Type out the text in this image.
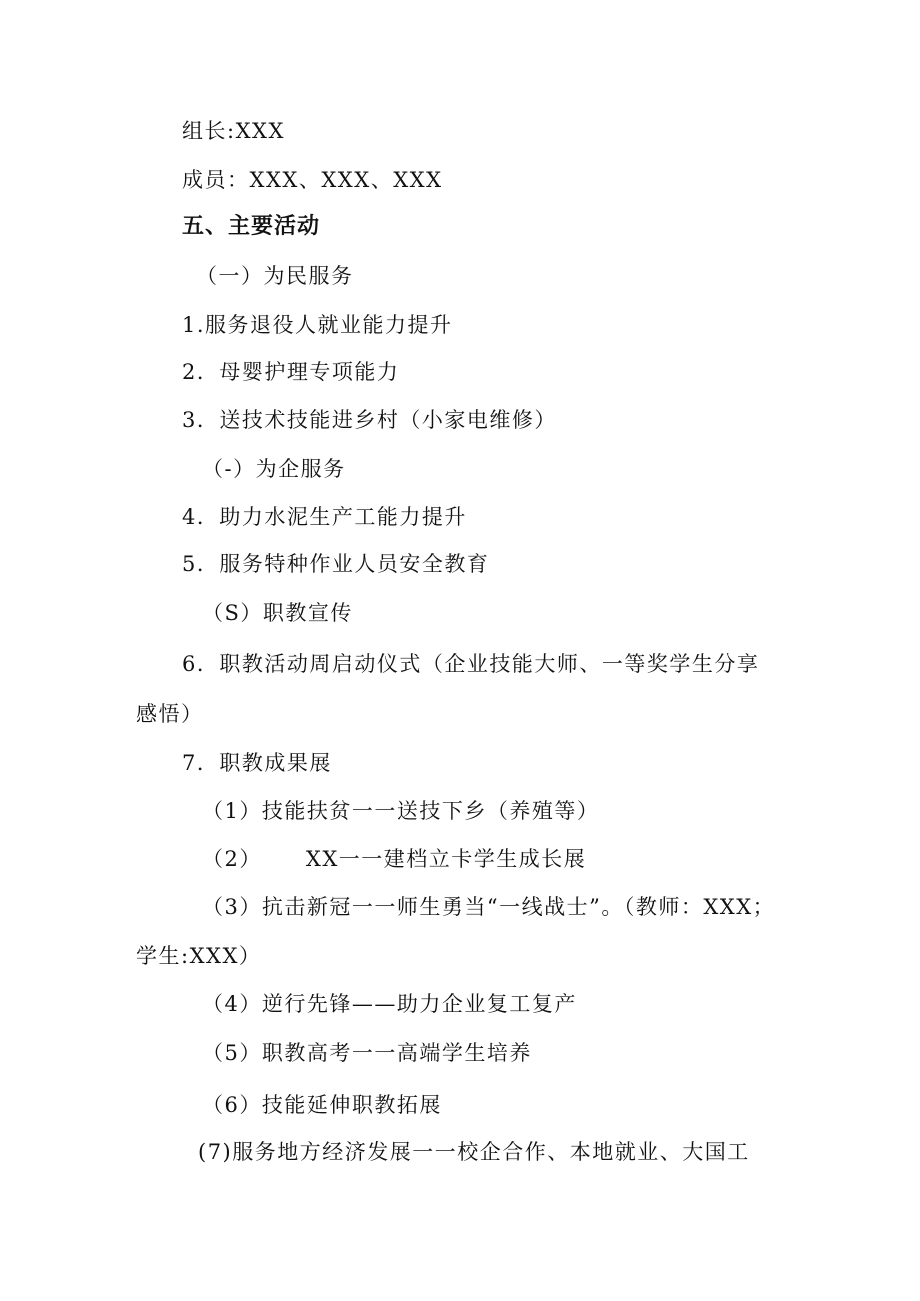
组长:XXX
成员：XXX、XXX、XXX
五、主要活动
（一）为民服务
1.服务退役人就业能力提升
2．母婴护理专项能力
3．送技术技能进乡村（小家电维修）
（-）为企服务
4．助力水泥生产工能力提升
5．服务特种作业人员安全教育
（S）职教宣传
6．职教活动周启动仪式（企业技能大师、一等奖学生分享
感悟）
7．职教成果展
（1）技能扶贫一一送技下乡（养殖等）
（2） XX一一建档立卡学生成长展
（3）抗击新冠一一师生勇当“一线战士”。（教师：XXX；
学生:XXX）
（4）逆行先锋——助力企业复工复产
（5）职教高考一一高端学生培养
（6）技能延伸职教拓展
(7)服务地方经济发展一一校企合作、本地就业、大国工
